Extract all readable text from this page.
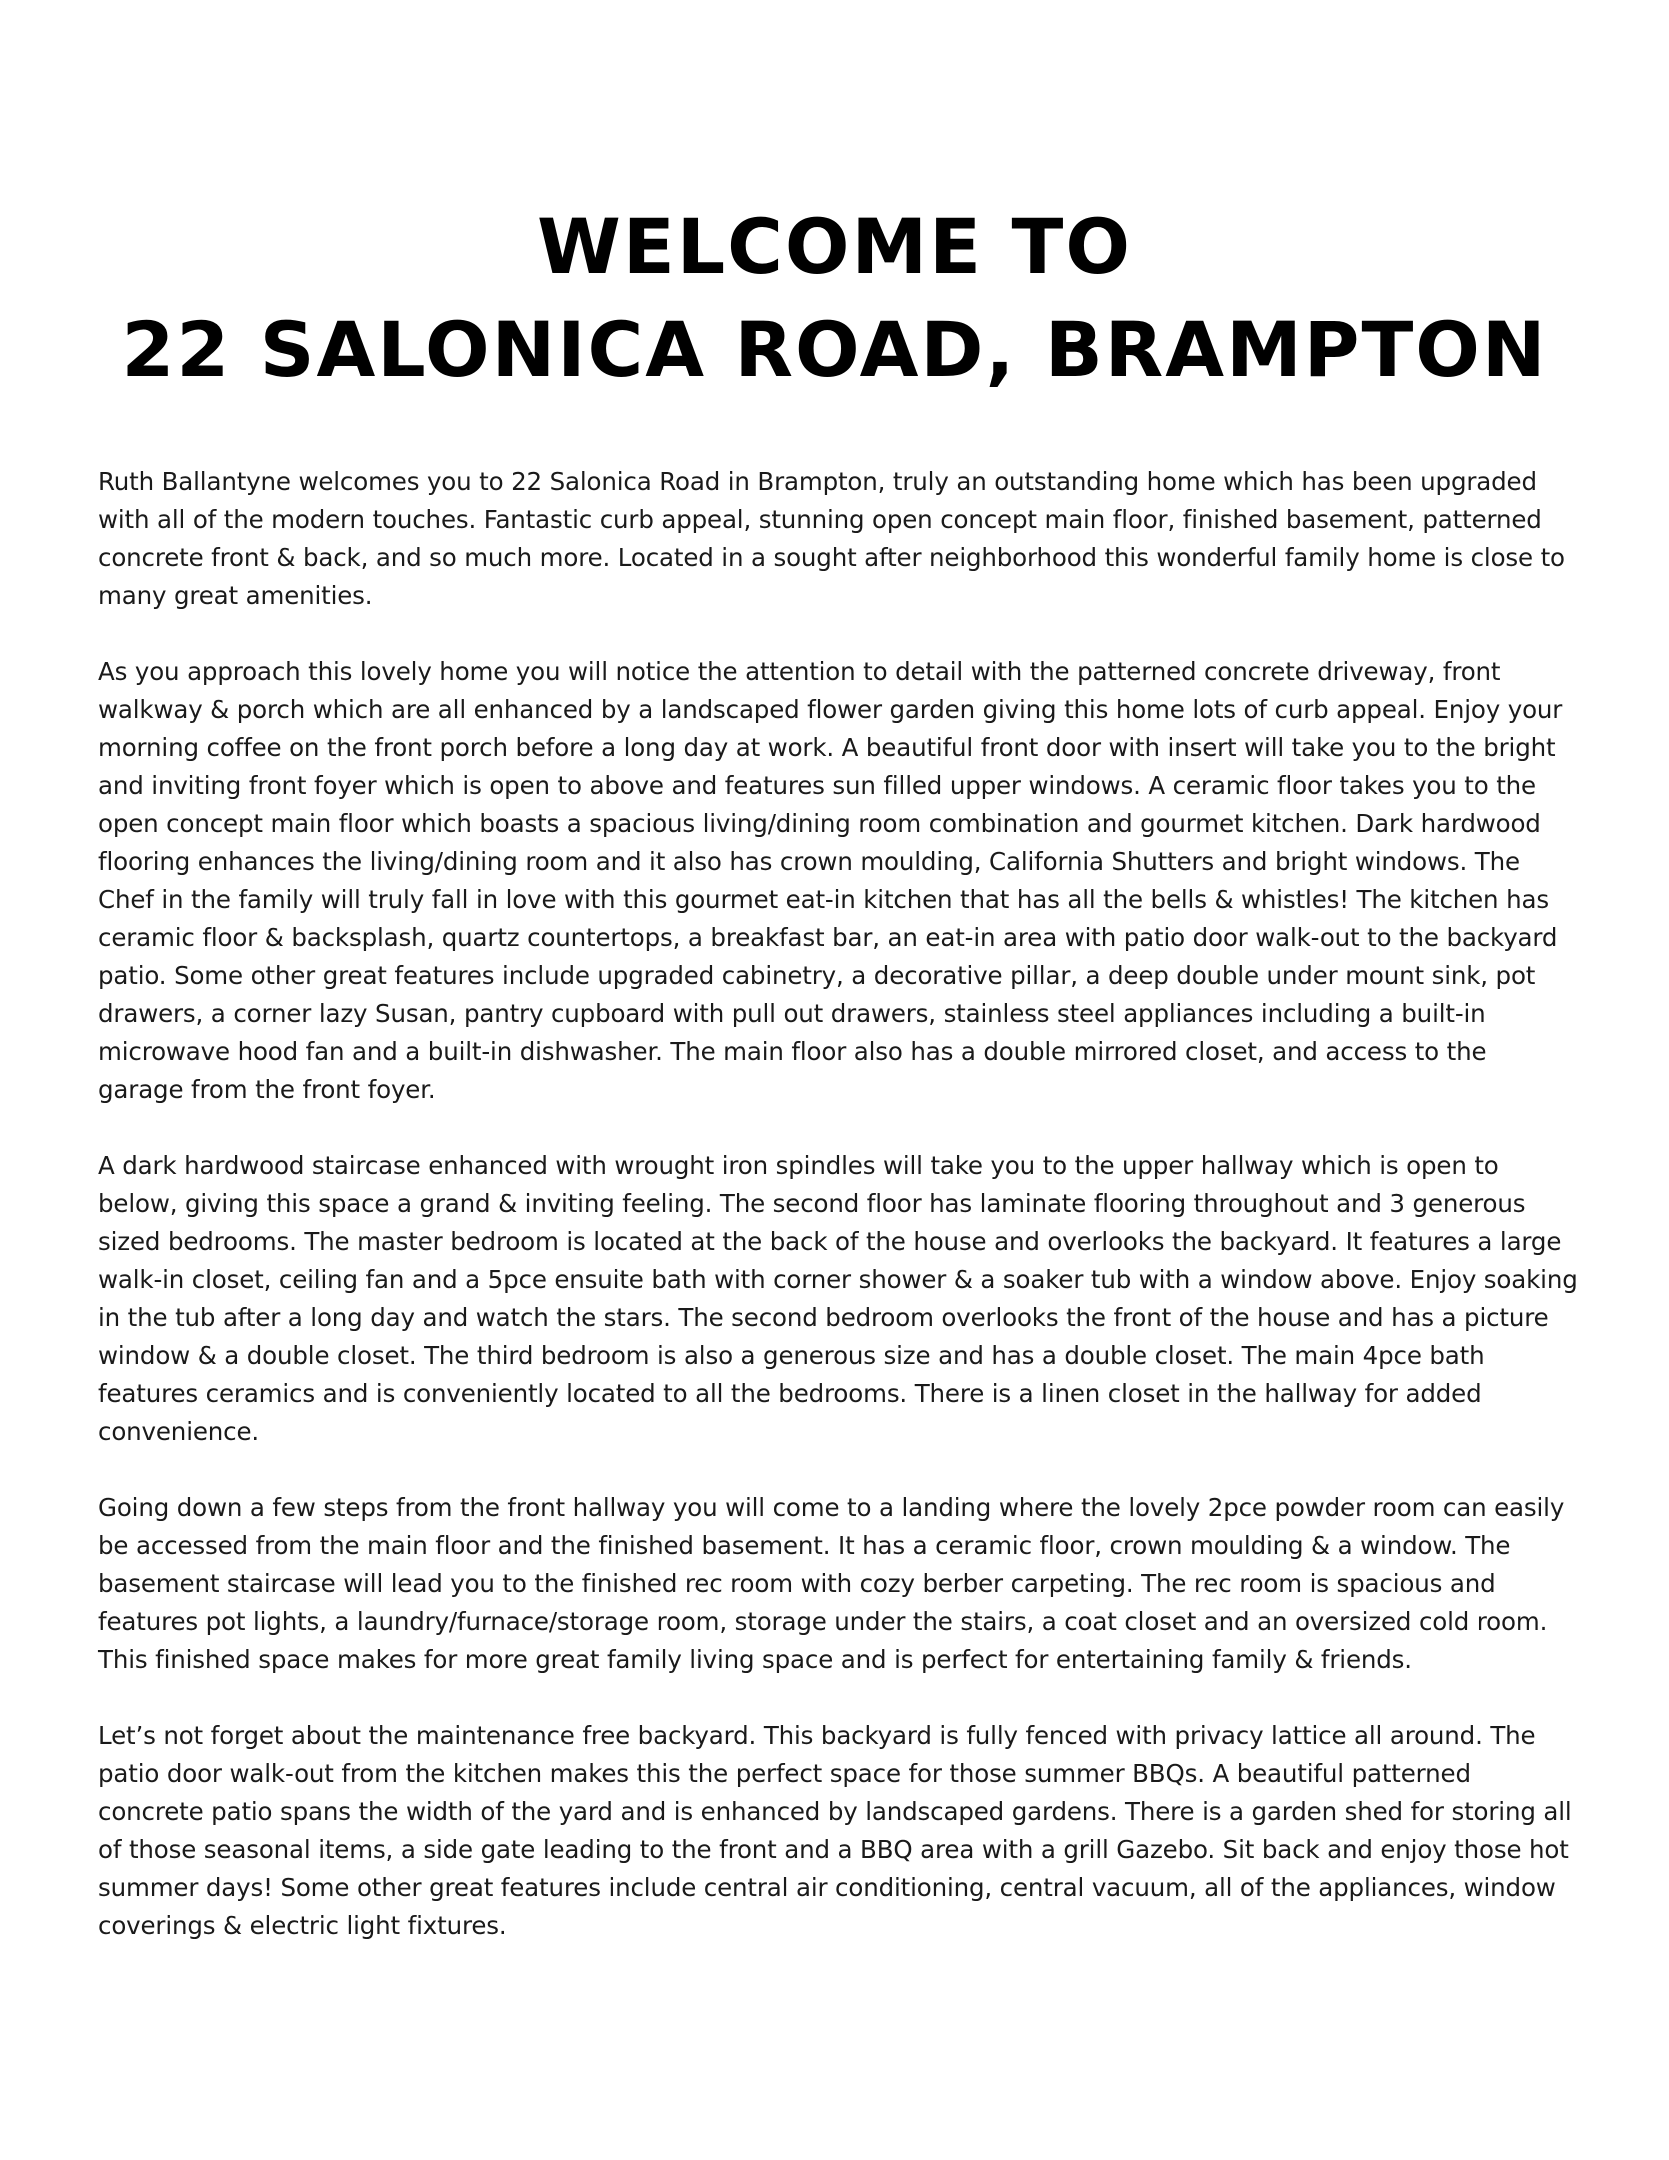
WELCOME TO
22 SALONICA ROAD, BRAMPTON

Ruth Ballantyne welcomes you to 22 Salonica Road in Brampton, truly an outstanding home which has been upgraded with all of the modern touches. Fantastic curb appeal, stunning open concept main floor, finished basement, patterned concrete front & back, and so much more. Located in a sought after neighborhood this wonderful family home is close to many great amenities.

As you approach this lovely home you will notice the attention to detail with the patterned concrete driveway, front walkway & porch which are all enhanced by a landscaped flower garden giving this home lots of curb appeal. Enjoy your morning coffee on the front porch before a long day at work. A beautiful front door with insert will take you to the bright and inviting front foyer which is open to above and features sun filled upper windows. A ceramic floor takes you to the open concept main floor which boasts a spacious living/dining room combination and gourmet kitchen. Dark hardwood flooring enhances the living/dining room and it also has crown moulding, California Shutters and bright windows. The Chef in the family will truly fall in love with this gourmet eat-in kitchen that has all the bells & whistles! The kitchen has ceramic floor & backsplash, quartz countertops, a breakfast bar, an eat-in area with patio door walk-out to the backyard patio. Some other great features include upgraded cabinetry, a decorative pillar, a deep double under mount sink, pot drawers, a corner lazy Susan, pantry cupboard with pull out drawers, stainless steel appliances including a built-in microwave hood fan and a built-in dishwasher. The main floor also has a double mirrored closet, and access to the garage from the front foyer.

A dark hardwood staircase enhanced with wrought iron spindles will take you to the upper hallway which is open to below, giving this space a grand & inviting feeling. The second floor has laminate flooring throughout and 3 generous sized bedrooms. The master bedroom is located at the back of the house and overlooks the backyard. It features a large walk-in closet, ceiling fan and a 5pce ensuite bath with corner shower & a soaker tub with a window above. Enjoy soaking in the tub after a long day and watch the stars. The second bedroom overlooks the front of the house and has a picture window & a double closet. The third bedroom is also a generous size and has a double closet. The main 4pce bath features ceramics and is conveniently located to all the bedrooms. There is a linen closet in the hallway for added convenience.

Going down a few steps from the front hallway you will come to a landing where the lovely 2pce powder room can easily be accessed from the main floor and the finished basement. It has a ceramic floor, crown moulding & a window. The basement staircase will lead you to the finished rec room with cozy berber carpeting. The rec room is spacious and features pot lights, a laundry/furnace/storage room, storage under the stairs, a coat closet and an oversized cold room. This finished space makes for more great family living space and is perfect for entertaining family & friends.

Let’s not forget about the maintenance free backyard. This backyard is fully fenced with privacy lattice all around. The patio door walk-out from the kitchen makes this the perfect space for those summer BBQs. A beautiful patterned concrete patio spans the width of the yard and is enhanced by landscaped gardens. There is a garden shed for storing all of those seasonal items, a side gate leading to the front and a BBQ area with a grill Gazebo. Sit back and enjoy those hot summer days! Some other great features include central air conditioning, central vacuum, all of the appliances, window coverings & electric light fixtures.
